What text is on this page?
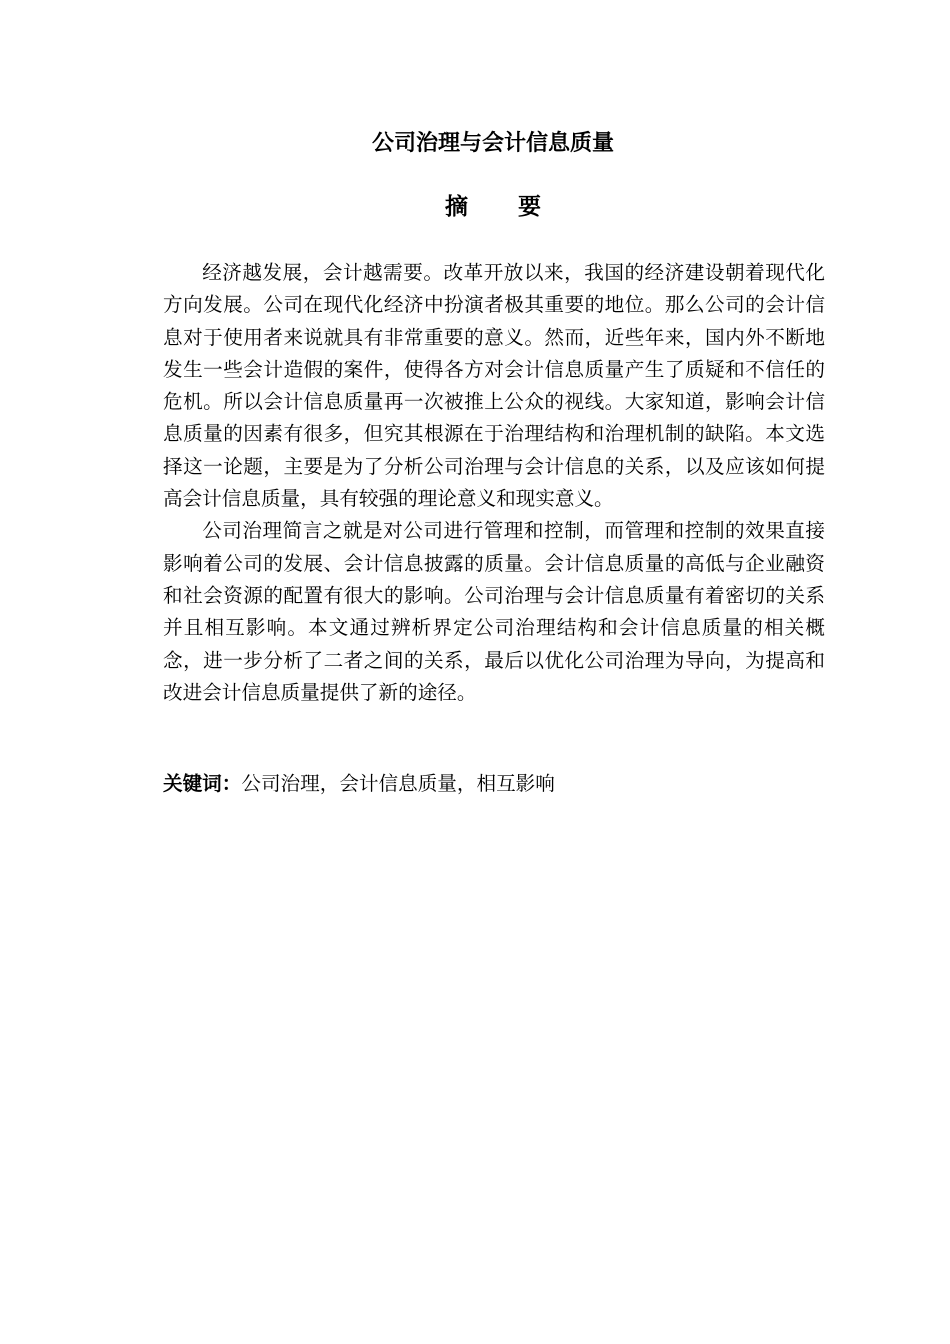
公司治理与会计信息质量
摘要

经济越发展，会计越需要。改革开放以来，我国的经济建设朝着现代化方向发展。公司在现代化经济中扮演者极其重要的地位。那么公司的会计信息对于使用者来说就具有非常重要的意义。然而，近些年来，国内外不断地发生一些会计造假的案件，使得各方对会计信息质量产生了质疑和不信任的危机。所以会计信息质量再一次被推上公众的视线。大家知道，影响会计信息质量的因素有很多，但究其根源在于治理结构和治理机制的缺陷。本文选择这一论题，主要是为了分析公司治理与会计信息的关系，以及应该如何提高会计信息质量，具有较强的理论意义和现实意义。

公司治理简言之就是对公司进行管理和控制，而管理和控制的效果直接影响着公司的发展、会计信息披露的质量。会计信息质量的高低与企业融资和社会资源的配置有很大的影响。公司治理与会计信息质量有着密切的关系并且相互影响。本文通过辨析界定公司治理结构和会计信息质量的相关概念，进一步分析了二者之间的关系，最后以优化公司治理为导向，为提高和改进会计信息质量提供了新的途径。

关键词：公司治理，会计信息质量，相互影响
